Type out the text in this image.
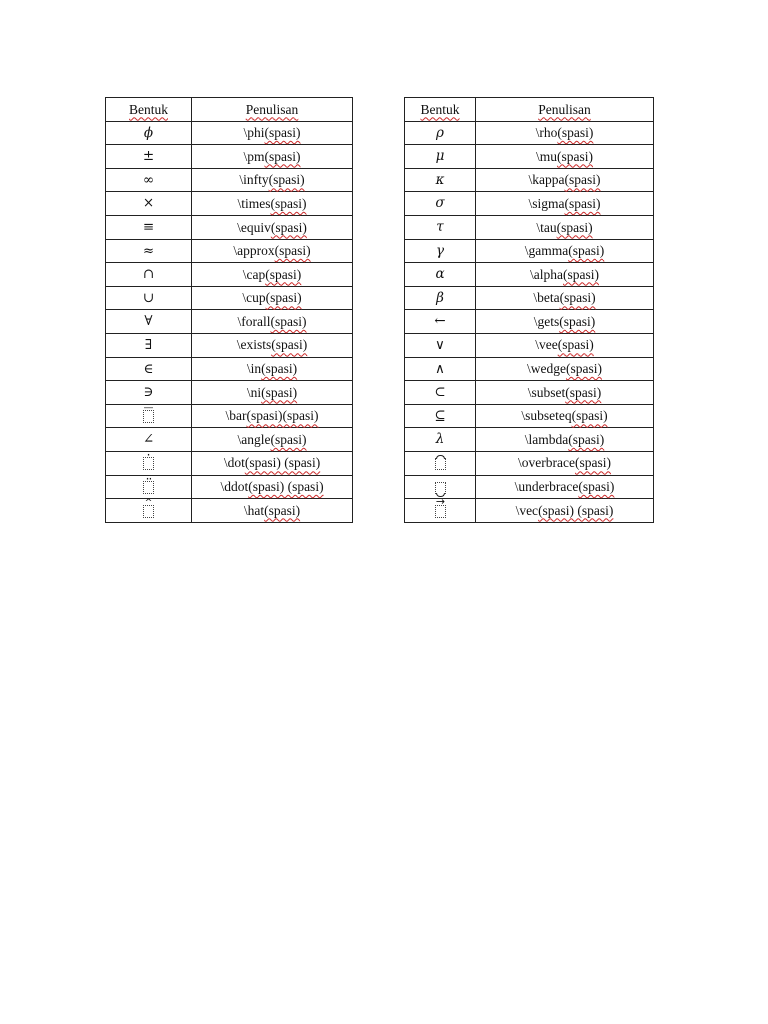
Bentuk	Penulisan
ϕ	\phi(spasi)
±	\pm(spasi)
∞	\infty(spasi)
×	\times(spasi)
≡	\equiv(spasi)
≈	\approx(spasi)
∩	\cap(spasi)
∪	\cup(spasi)
∀	\forall(spasi)
∃	\exists(spasi)
∈	\in(spasi)
∋	\ni(spasi)
―	\bar(spasi)(spasi)
∠	\angle(spasi)
·	\dot(spasi) (spasi)
··	\ddot(spasi) (spasi)
^	\hat(spasi)
Bentuk	Penulisan
ρ	\rho(spasi)
μ	\mu(spasi)
κ	\kappa(spasi)
σ	\sigma(spasi)
τ	\tau(spasi)
γ	\gamma(spasi)
α	\alpha(spasi)
β	\beta(spasi)
←	\gets(spasi)
∨	\vee(spasi)
∧	\wedge(spasi)
⊂	\subset(spasi)
⊆	\subseteq(spasi)
λ	\lambda(spasi)
	\overbrace(spasi)
	\underbrace(spasi)
→	\vec(spasi) (spasi)
